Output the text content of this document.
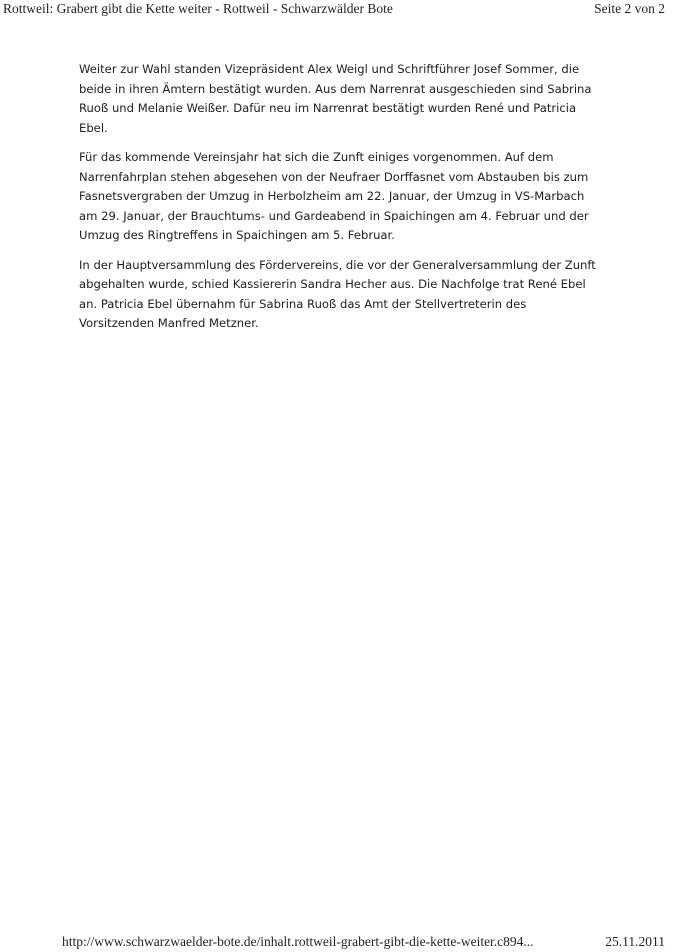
Rottweil: Grabert gibt die Kette weiter - Rottweil - Schwarzwälder Bote	Seite 2 von 2

Weiter zur Wahl standen Vizepräsident Alex Weigl und Schriftführer Josef Sommer, die beide in ihren Ämtern bestätigt wurden. Aus dem Narrenrat ausgeschieden sind Sabrina Ruoß und Melanie Weißer. Dafür neu im Narrenrat bestätigt wurden René und Patricia Ebel.

Für das kommende Vereinsjahr hat sich die Zunft einiges vorgenommen. Auf dem Narrenfahrplan stehen abgesehen von der Neufraer Dorffasnet vom Abstauben bis zum Fasnetsvergraben der Umzug in Herbolzheim am 22. Januar, der Umzug in VS-Marbach am 29. Januar, der Brauchtums- und Gardeabend in Spaichingen am 4. Februar und der Umzug des Ringtreffens in Spaichingen am 5. Februar.

In der Hauptversammlung des Fördervereins, die vor der Generalversammlung der Zunft abgehalten wurde, schied Kassiererin Sandra Hecher aus. Die Nachfolge trat René Ebel an. Patricia Ebel übernahm für Sabrina Ruoß das Amt der Stellvertreterin des Vorsitzenden Manfred Metzner.

http://www.schwarzwaelder-bote.de/inhalt.rottweil-grabert-gibt-die-kette-weiter.c894...	25.11.2011
